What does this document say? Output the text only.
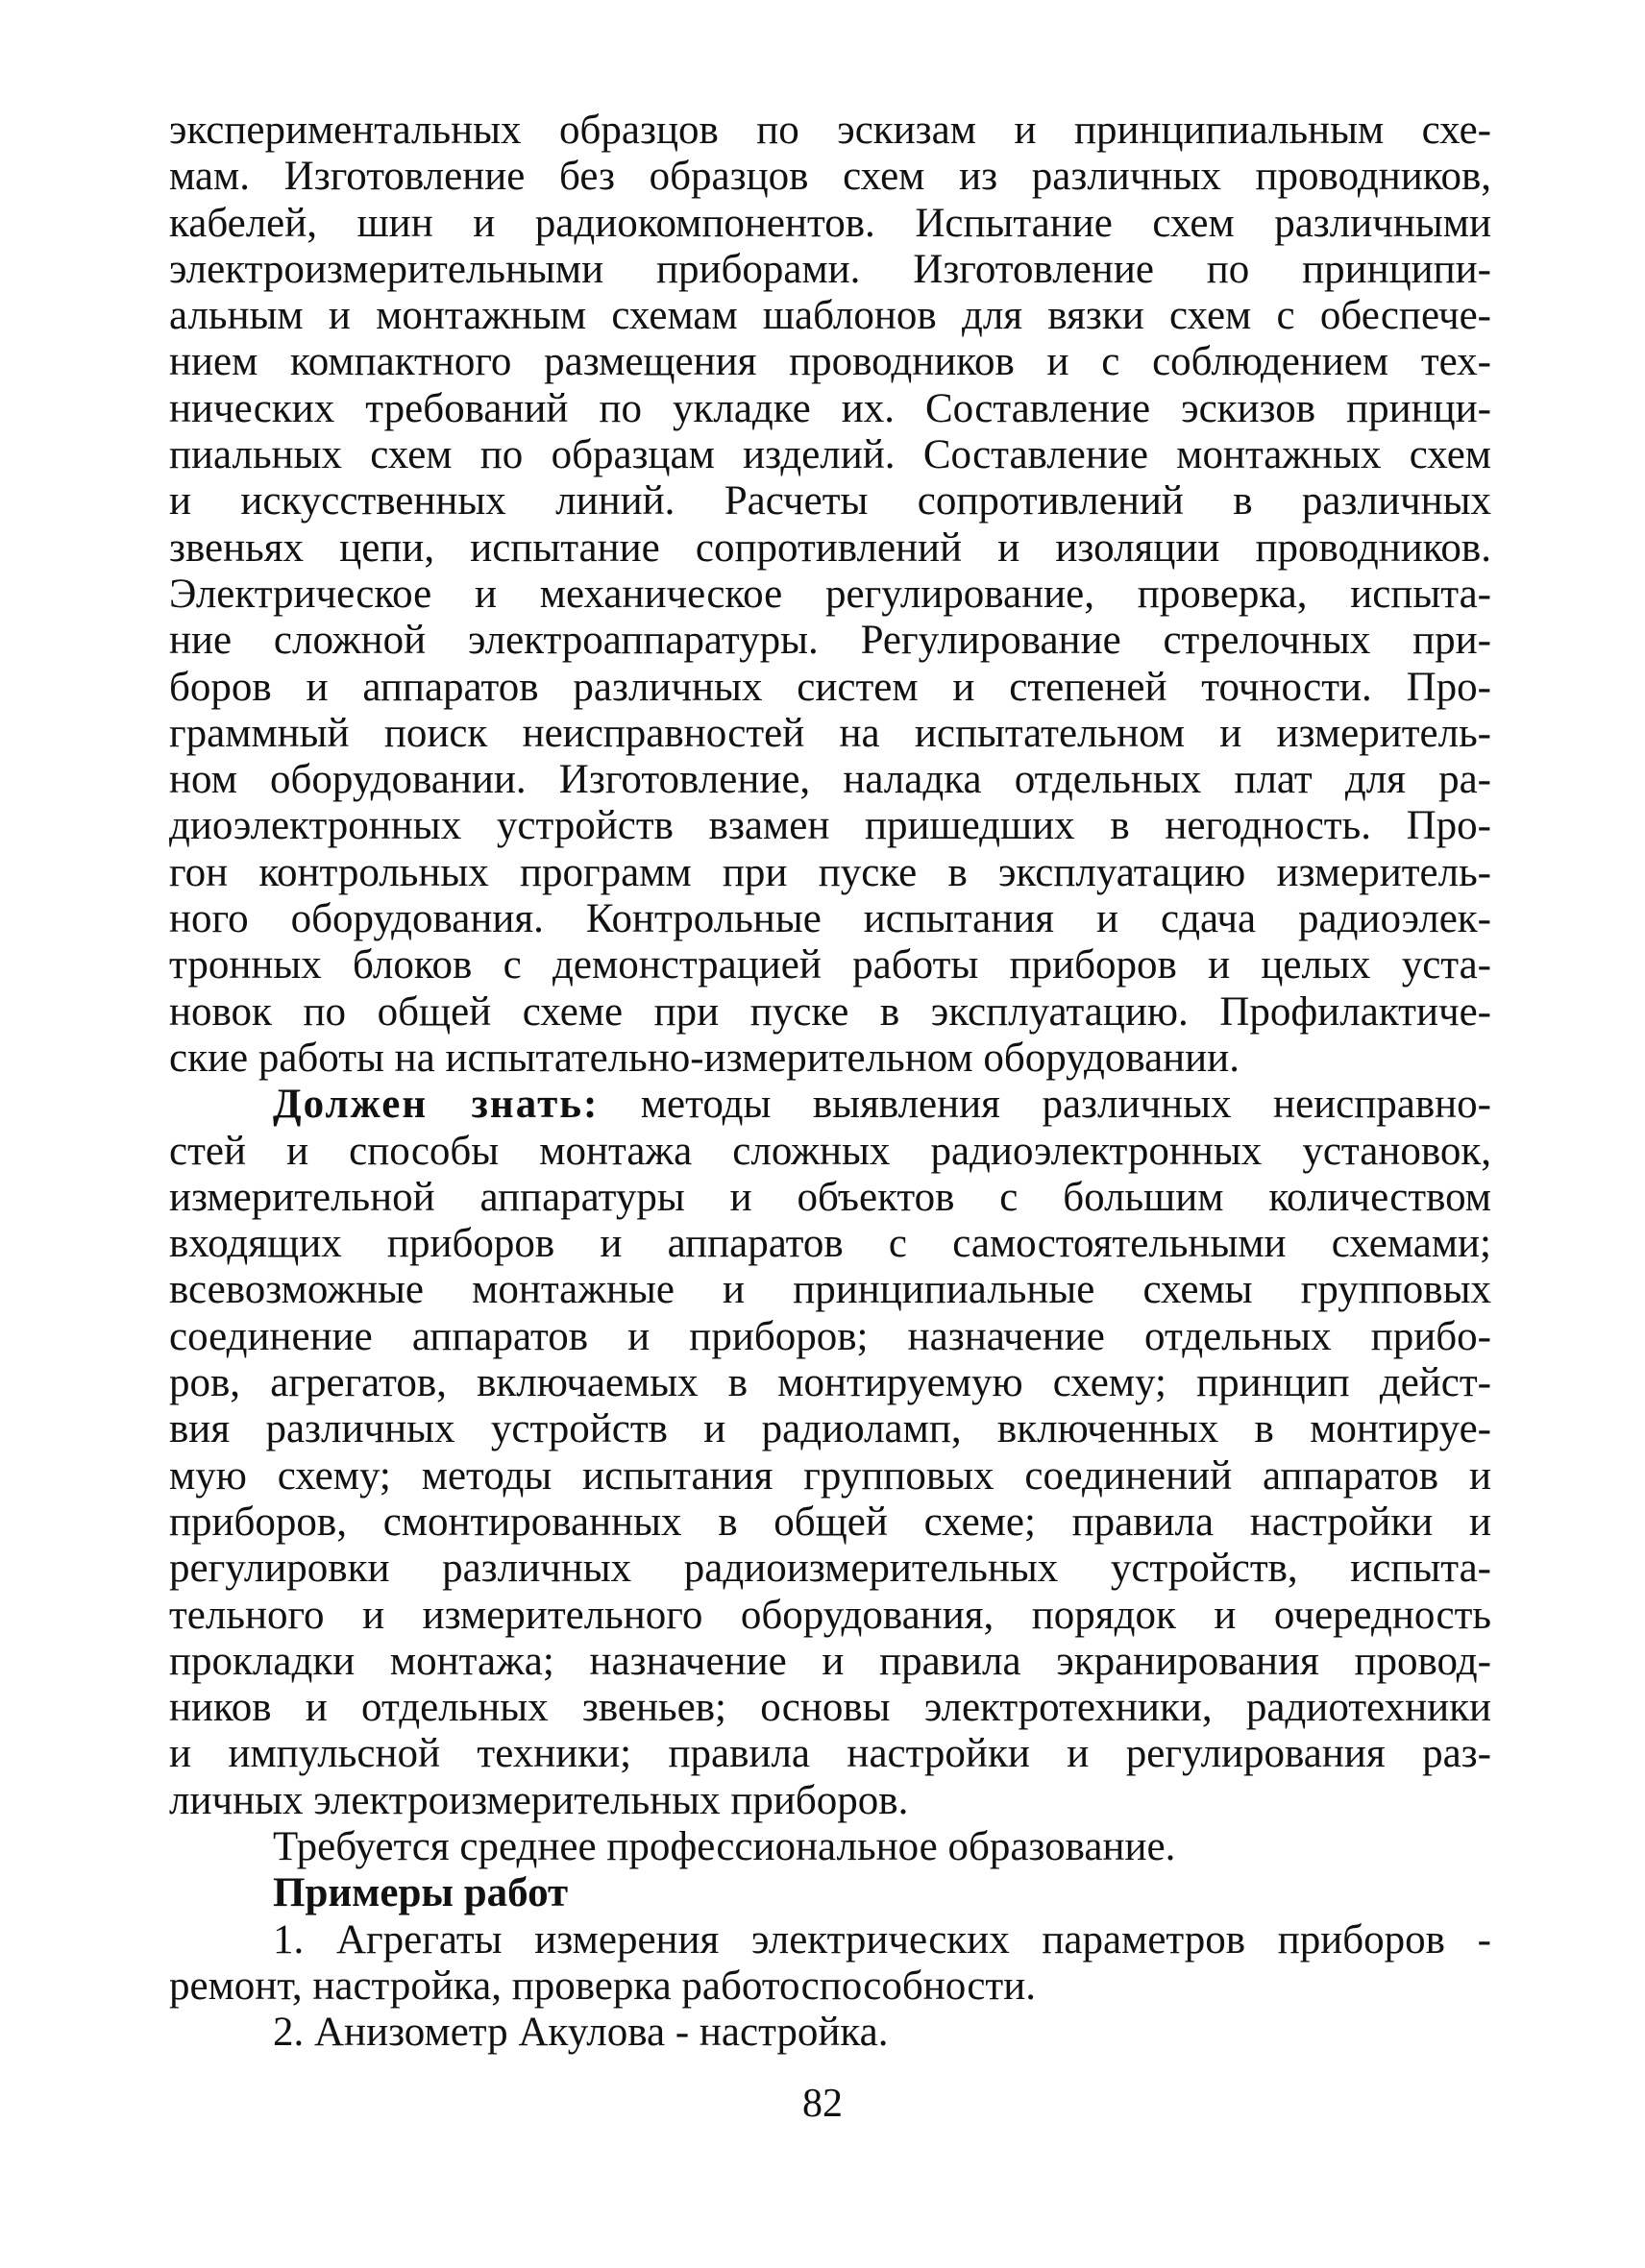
экспериментальных образцов по эскизам и принципиальным схе-
мам. Изготовление без образцов схем из различных проводников,
кабелей, шин и радиокомпонентов. Испытание схем различными
электроизмерительными приборами. Изготовление по принципи-
альным и монтажным схемам шаблонов для вязки схем с обеспече-
нием компактного размещения проводников и с соблюдением тех-
нических требований по укладке их. Составление эскизов принци-
пиальных схем по образцам изделий. Составление монтажных схем
и искусственных линий. Расчеты сопротивлений в различных
звеньях цепи, испытание сопротивлений и изоляции проводников.
Электрическое и механическое регулирование, проверка, испыта-
ние сложной электроаппаратуры. Регулирование стрелочных при-
боров и аппаратов различных систем и степеней точности. Про-
граммный поиск неисправностей на испытательном и измеритель-
ном оборудовании. Изготовление, наладка отдельных плат для ра-
диоэлектронных устройств взамен пришедших в негодность. Про-
гон контрольных программ при пуске в эксплуатацию измеритель-
ного оборудования. Контрольные испытания и сдача радиоэлек-
тронных блоков с демонстрацией работы приборов и целых уста-
новок по общей схеме при пуске в эксплуатацию. Профилактиче-
ские работы на испытательно-измерительном оборудовании.
Должен знать: методы выявления различных неисправно-
стей и способы монтажа сложных радиоэлектронных установок,
измерительной аппаратуры и объектов с большим количеством
входящих приборов и аппаратов с самостоятельными схемами;
всевозможные монтажные и принципиальные схемы групповых
соединение аппаратов и приборов; назначение отдельных прибо-
ров, агрегатов, включаемых в монтируемую схему; принцип дейст-
вия различных устройств и радиоламп, включенных в монтируе-
мую схему; методы испытания групповых соединений аппаратов и
приборов, смонтированных в общей схеме; правила настройки и
регулировки различных радиоизмерительных устройств, испыта-
тельного и измерительного оборудования, порядок и очередность
прокладки монтажа; назначение и правила экранирования провод-
ников и отдельных звеньев; основы электротехники, радиотехники
и импульсной техники; правила настройки и регулирования раз-
личных электроизмерительных приборов.
Требуется среднее профессиональное образование.
Примеры работ
1. Агрегаты измерения электрических параметров приборов -
ремонт, настройка, проверка работоспособности.
2. Анизометр Акулова - настройка.
82
